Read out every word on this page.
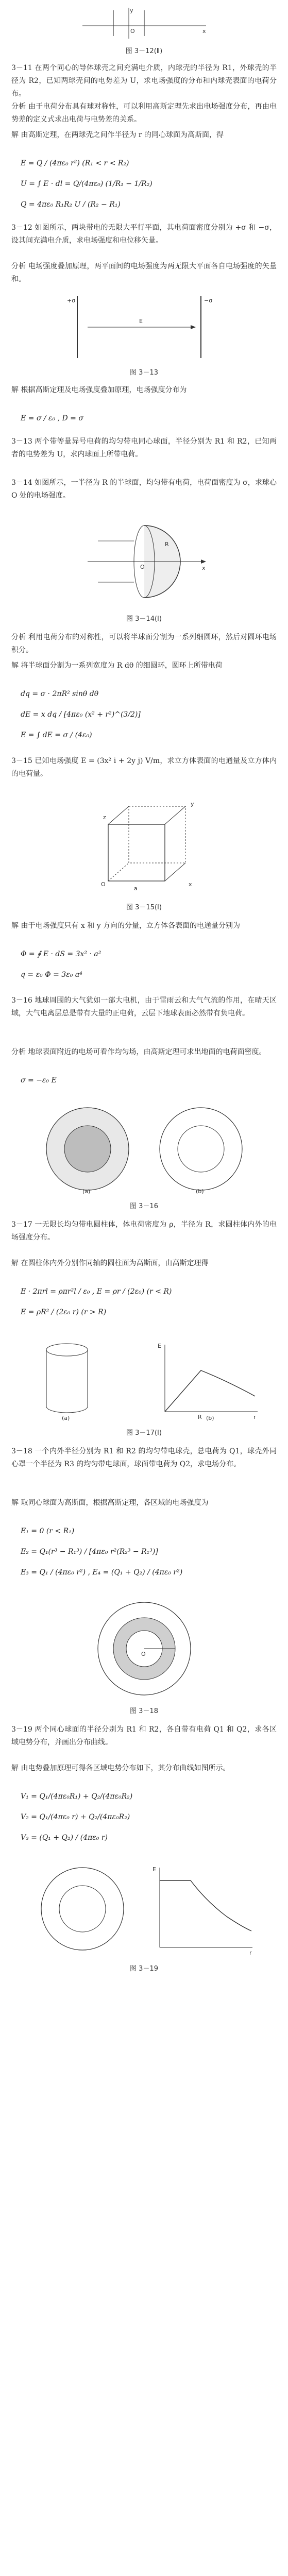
y
x
O
图 3－12(Ⅱ)
3－11 在两个同心的导体球壳之间充满电介质，内球壳的半径为 R1，外球壳的半径为 R2，已知两球壳间的电势差为 U，求电场强度的分布和内球壳表面的电荷分布。
分析 由于电荷分布具有球对称性，可以利用高斯定理先求出电场强度分布，再由电势差的定义式求出电荷与电势差的关系。
解 由高斯定理，在两球壳之间作半径为 r 的同心球面为高斯面，得
E = Q / (4πε₀ r²) (R₁ < r < R₂)
U = ∫ E · dl = Q/(4πε₀) (1/R₁ − 1/R₂)
Q = 4πε₀ R₁R₂ U / (R₂ − R₁)
3－12 如图所示，两块带电的无限大平行平面，其电荷面密度分别为 +σ 和 −σ，设其间充满电介质，求电场强度和电位移矢量。
分析 电场强度叠加原理，两平面间的电场强度为两无限大平面各自电场强度的矢量和。
+σ	−σ
E
图 3－13
解 根据高斯定理及电场强度叠加原理，电场强度分布为
E = σ / ε₀ , D = σ
3－13 两个带等量异号电荷的均匀带电同心球面，半径分别为 R1 和 R2，已知两者的电势差为 U，求内球面上所带电荷。
3－14 如图所示，一半径为 R 的半球面，均匀带有电荷，电荷面密度为 σ，求球心 O 处的电场强度。
O
R
x
图 3－14(Ⅰ)
分析 利用电荷分布的对称性，可以将半球面分割为一系列细圆环，然后对圆环电场积分。
解 将半球面分割为一系列宽度为 R dθ 的细圆环，圆环上所带电荷
dq = σ · 2πR² sinθ dθ
dE = x dq / [4πε₀ (x² + r²)^(3/2)]
E = ∫ dE = σ / (4ε₀)
3－15 已知电场强度 E = (3x² i + 2y j) V/m，求立方体表面的电通量及立方体内的电荷量。
O
a
x
z
y
图 3－15(Ⅰ)
解 由于电场强度只有 x 和 y 方向的分量，立方体各表面的电通量分别为
Φ = ∮ E · dS = 3x² · a²
q = ε₀ Φ = 3ε₀ a⁴
3－16 地球周围的大气犹如一部大电机，由于雷雨云和大气气流的作用，在晴天区域，大气电离层总是带有大量的正电荷，云层下地球表面必然带有负电荷。
分析 地球表面附近的电场可看作均匀场，由高斯定理可求出地面的电荷面密度。
σ = −ε₀ E
(a)	(b)
图 3－16
3－17 一无限长均匀带电圆柱体，体电荷密度为 ρ，半径为 R，求圆柱体内外的电场强度分布。
解 在圆柱体内外分别作同轴的圆柱面为高斯面，由高斯定理得
E · 2πrl = ρπr²l / ε₀ , E = ρr / (2ε₀) (r < R)
E = ρR² / (2ε₀ r) (r > R)
E
r
R
(a)	(b)
图 3－17(Ⅰ)
3－18 一个内外半径分别为 R1 和 R2 的均匀带电球壳，总电荷为 Q1，球壳外同心罩一个半径为 R3 的均匀带电球面，球面带电荷为 Q2，求电场分布。
解 取同心球面为高斯面，根据高斯定理，各区域的电场强度为
E₁ = 0 (r < R₁)
E₂ = Q₁(r³ − R₁³) / [4πε₀ r²(R₂³ − R₁³)]
E₃ = Q₁ / (4πε₀ r²) , E₄ = (Q₁ + Q₂) / (4πε₀ r²)
O
图 3－18
3－19 两个同心球面的半径分别为 R1 和 R2，各自带有电荷 Q1 和 Q2，求各区域电势分布，并画出分布曲线。
解 由电势叠加原理可得各区域电势分布如下，其分布曲线如图所示。
V₁ = Q₁/(4πε₀R₁) + Q₂/(4πε₀R₂)
V₂ = Q₁/(4πε₀ r) + Q₂/(4πε₀R₂)
V₃ = (Q₁ + Q₂) / (4πε₀ r)
E
r
图 3－19
